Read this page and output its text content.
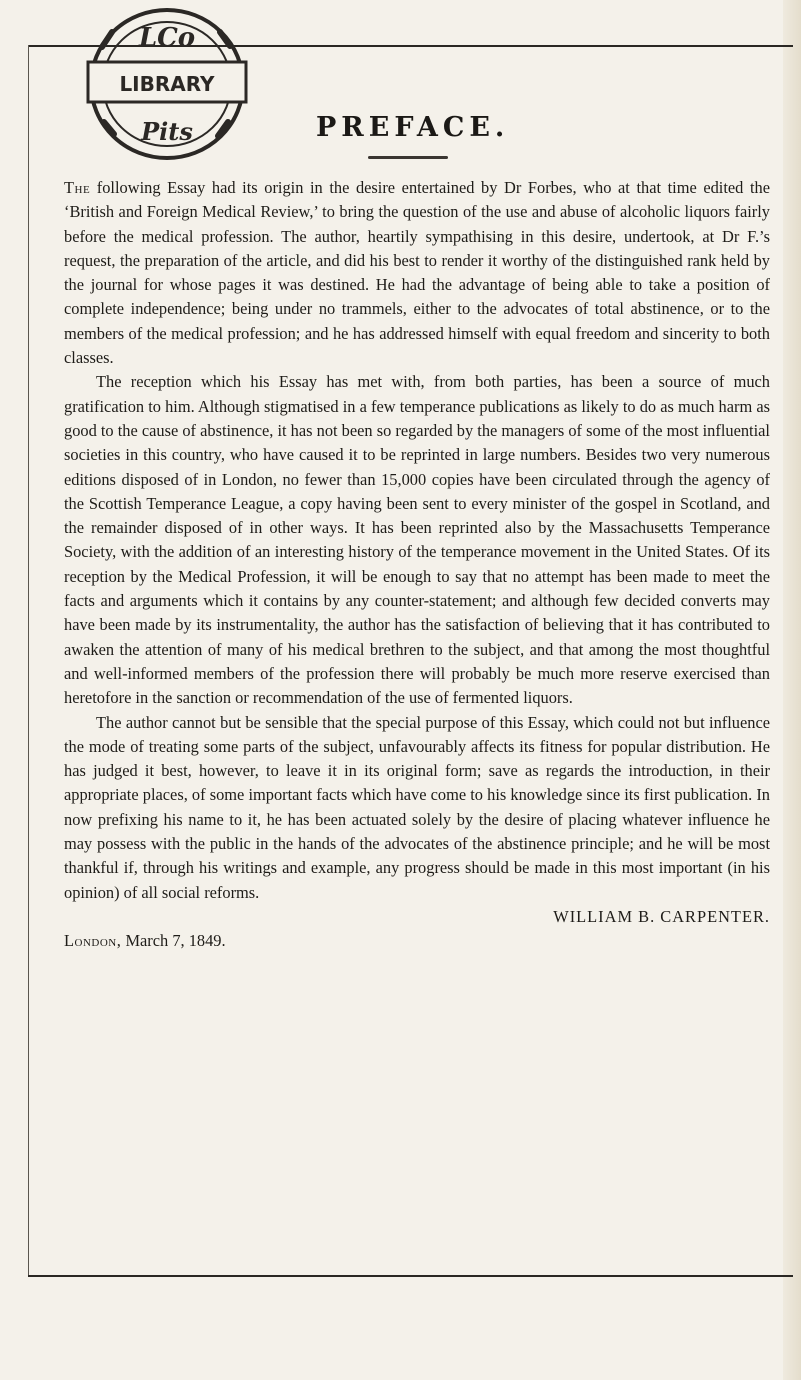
LCo
LIBRARY
Pits	PREFACE.

The following Essay had its origin in the desire entertained by Dr Forbes, who at that time edited the ‘British and Foreign Medical Review,’ to bring the question of the use and abuse of alcoholic liquors fairly before the medical profession. The author, heartily sympathising in this desire, undertook, at Dr F.’s request, the preparation of the article, and did his best to render it worthy of the distinguished rank held by the journal for whose pages it was destined. He had the advantage of being able to take a position of complete independence; being under no trammels, either to the advocates of total abstinence, or to the members of the medical profession; and he has addressed himself with equal freedom and sincerity to both classes.

The reception which his Essay has met with, from both parties, has been a source of much gratification to him. Although stigmatised in a few temperance publications as likely to do as much harm as good to the cause of abstinence, it has not been so regarded by the managers of some of the most influential societies in this country, who have caused it to be reprinted in large numbers. Besides two very numerous editions disposed of in London, no fewer than 15,000 copies have been circulated through the agency of the Scottish Temperance League, a copy having been sent to every minister of the gospel in Scotland, and the remainder disposed of in other ways. It has been reprinted also by the Massachusetts Temperance Society, with the addition of an interesting history of the temperance movement in the United States. Of its reception by the Medical Profession, it will be enough to say that no attempt has been made to meet the facts and arguments which it contains by any counter-statement; and although few decided converts may have been made by its instrumentality, the author has the satisfaction of believing that it has contributed to awaken the attention of many of his medical brethren to the subject, and that among the most thoughtful and well-informed members of the profession there will probably be much more reserve exercised than heretofore in the sanction or recommendation of the use of fermented liquors.

The author cannot but be sensible that the special purpose of this Essay, which could not but influence the mode of treating some parts of the subject, unfavourably affects its fitness for popular distribution. He has judged it best, however, to leave it in its original form; save as regards the introduction, in their appropriate places, of some important facts which have come to his knowledge since its first publication. In now prefixing his name to it, he has been actuated solely by the desire of placing whatever influence he may possess with the public in the hands of the advocates of the abstinence principle; and he will be most thankful if, through his writings and example, any progress should be made in this most important (in his opinion) of all social reforms.

WILLIAM B. CARPENTER.

London, March 7, 1849.
